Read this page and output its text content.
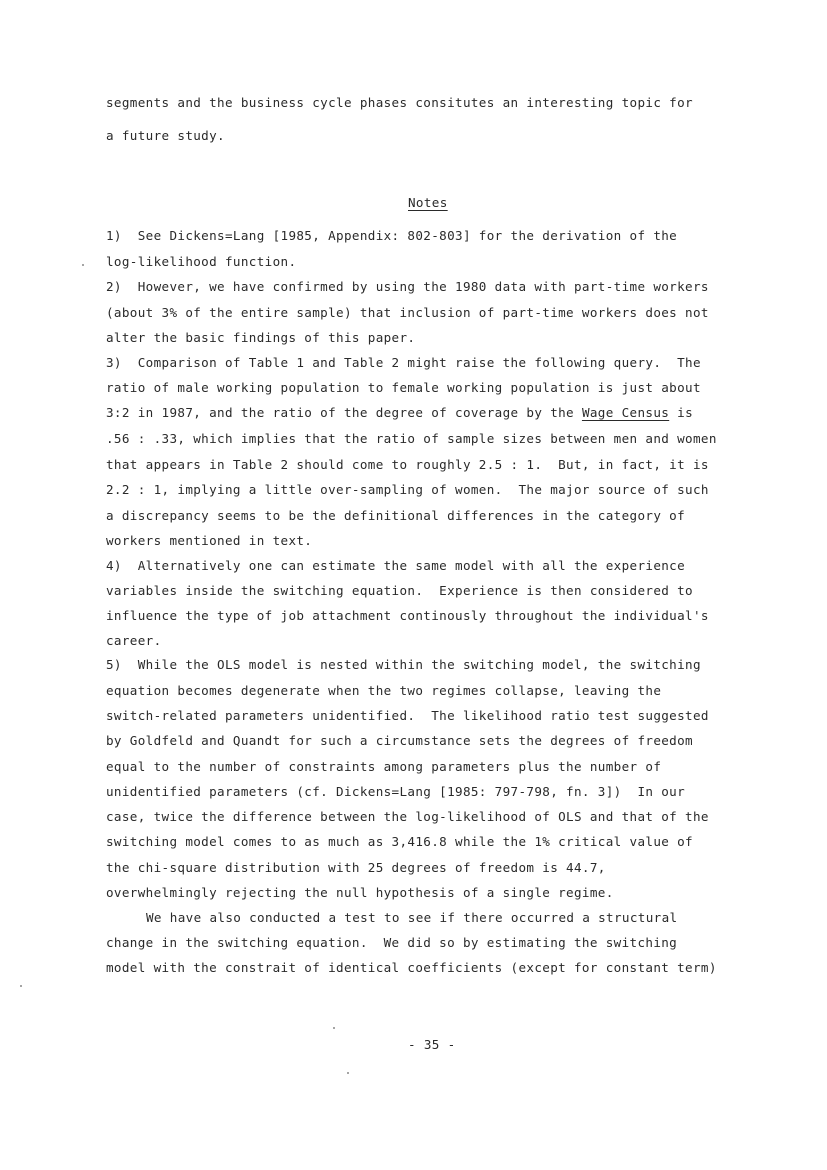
segments and the business cycle phases consitutes an interesting topic for
a future study.
Notes
1)  See Dickens=Lang [1985, Appendix: 802-803] for the derivation of the
log-likelihood function.
2)  However, we have confirmed by using the 1980 data with part-time workers
(about 3% of the entire sample) that inclusion of part-time workers does not
alter the basic findings of this paper.
3)  Comparison of Table 1 and Table 2 might raise the following query.  The
ratio of male working population to female working population is just about
3:2 in 1987, and the ratio of the degree of coverage by the Wage Census is
.56 : .33, which implies that the ratio of sample sizes between men and women
that appears in Table 2 should come to roughly 2.5 : 1.  But, in fact, it is
2.2 : 1, implying a little over-sampling of women.  The major source of such
a discrepancy seems to be the definitional differences in the category of
workers mentioned in text.
4)  Alternatively one can estimate the same model with all the experience
variables inside the switching equation.  Experience is then considered to
influence the type of job attachment continously throughout the individual's
career.
5)  While the OLS model is nested within the switching model, the switching
equation becomes degenerate when the two regimes collapse, leaving the
switch-related parameters unidentified.  The likelihood ratio test suggested
by Goldfeld and Quandt for such a circumstance sets the degrees of freedom
equal to the number of constraints among parameters plus the number of
unidentified parameters (cf. Dickens=Lang [1985: 797-798, fn. 3])  In our
case, twice the difference between the log-likelihood of OLS and that of the
switching model comes to as much as 3,416.8 while the 1% critical value of
the chi-square distribution with 25 degrees of freedom is 44.7,
overwhelmingly rejecting the null hypothesis of a single regime.
We have also conducted a test to see if there occurred a structural
change in the switching equation.  We did so by estimating the switching
model with the constrait of identical coefficients (except for constant term)
- 35 -
